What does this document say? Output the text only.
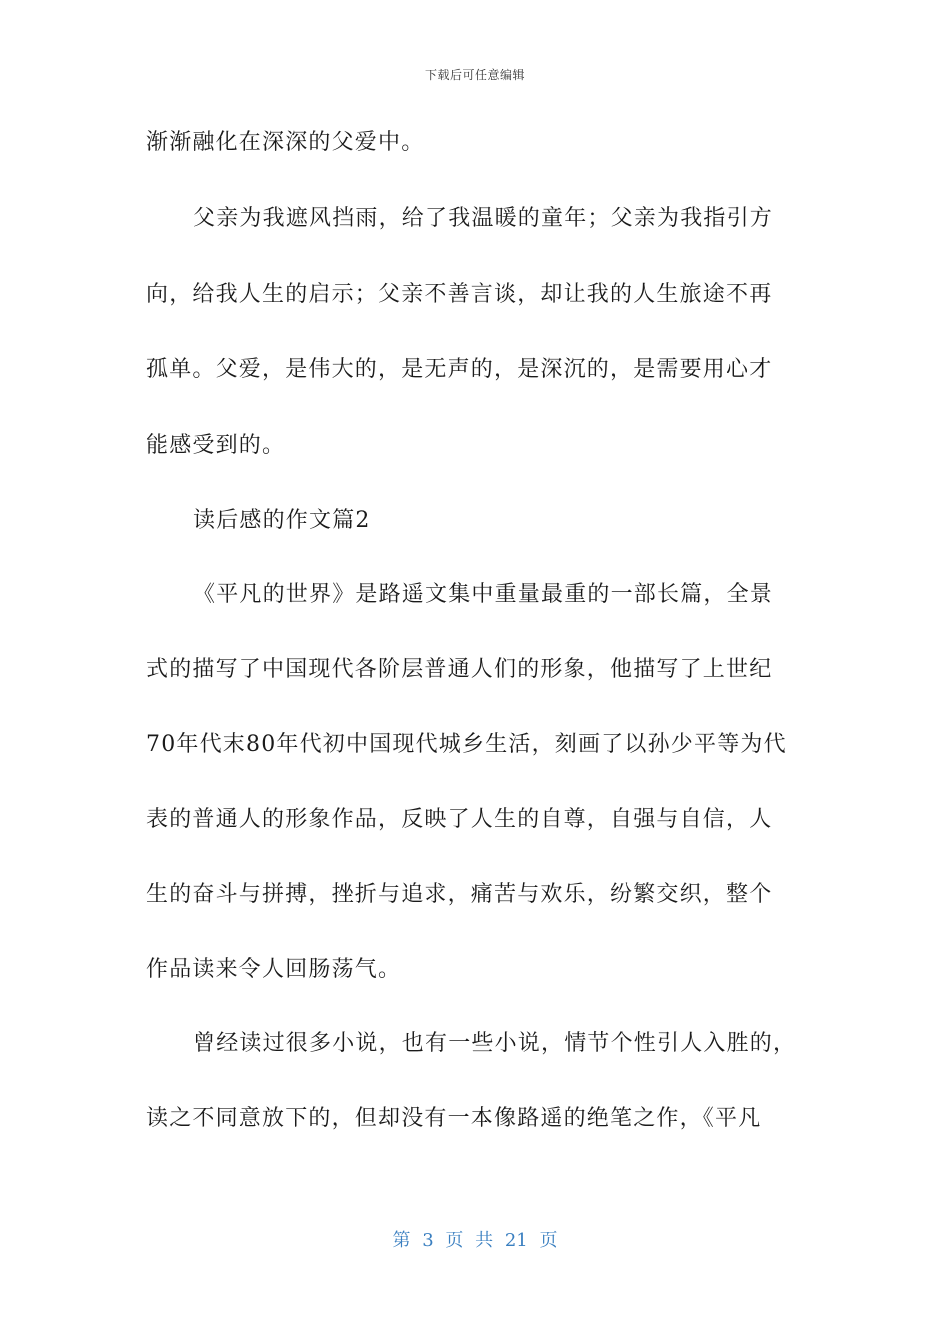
下载后可任意编辑
渐渐融化在深深的父爱中。
父亲为我遮风挡雨，给了我温暖的童年；父亲为我指引方
向，给我人生的启示；父亲不善言谈，却让我的人生旅途不再
孤单。父爱，是伟大的，是无声的，是深沉的，是需要用心才
能感受到的。
读后感的作文篇2
《平凡的世界》是路遥文集中重量最重的一部长篇，全景
式的描写了中国现代各阶层普通人们的形象，他描写了上世纪
70年代末80年代初中国现代城乡生活，刻画了以孙少平等为代
表的普通人的形象作品，反映了人生的自尊，自强与自信，人
生的奋斗与拼搏，挫折与追求，痛苦与欢乐，纷繁交织，整个
作品读来令人回肠荡气。
曾经读过很多小说，也有一些小说，情节个性引人入胜的，
读之不同意放下的，但却没有一本像路遥的绝笔之作，《平凡
第 3 页 共 21 页
